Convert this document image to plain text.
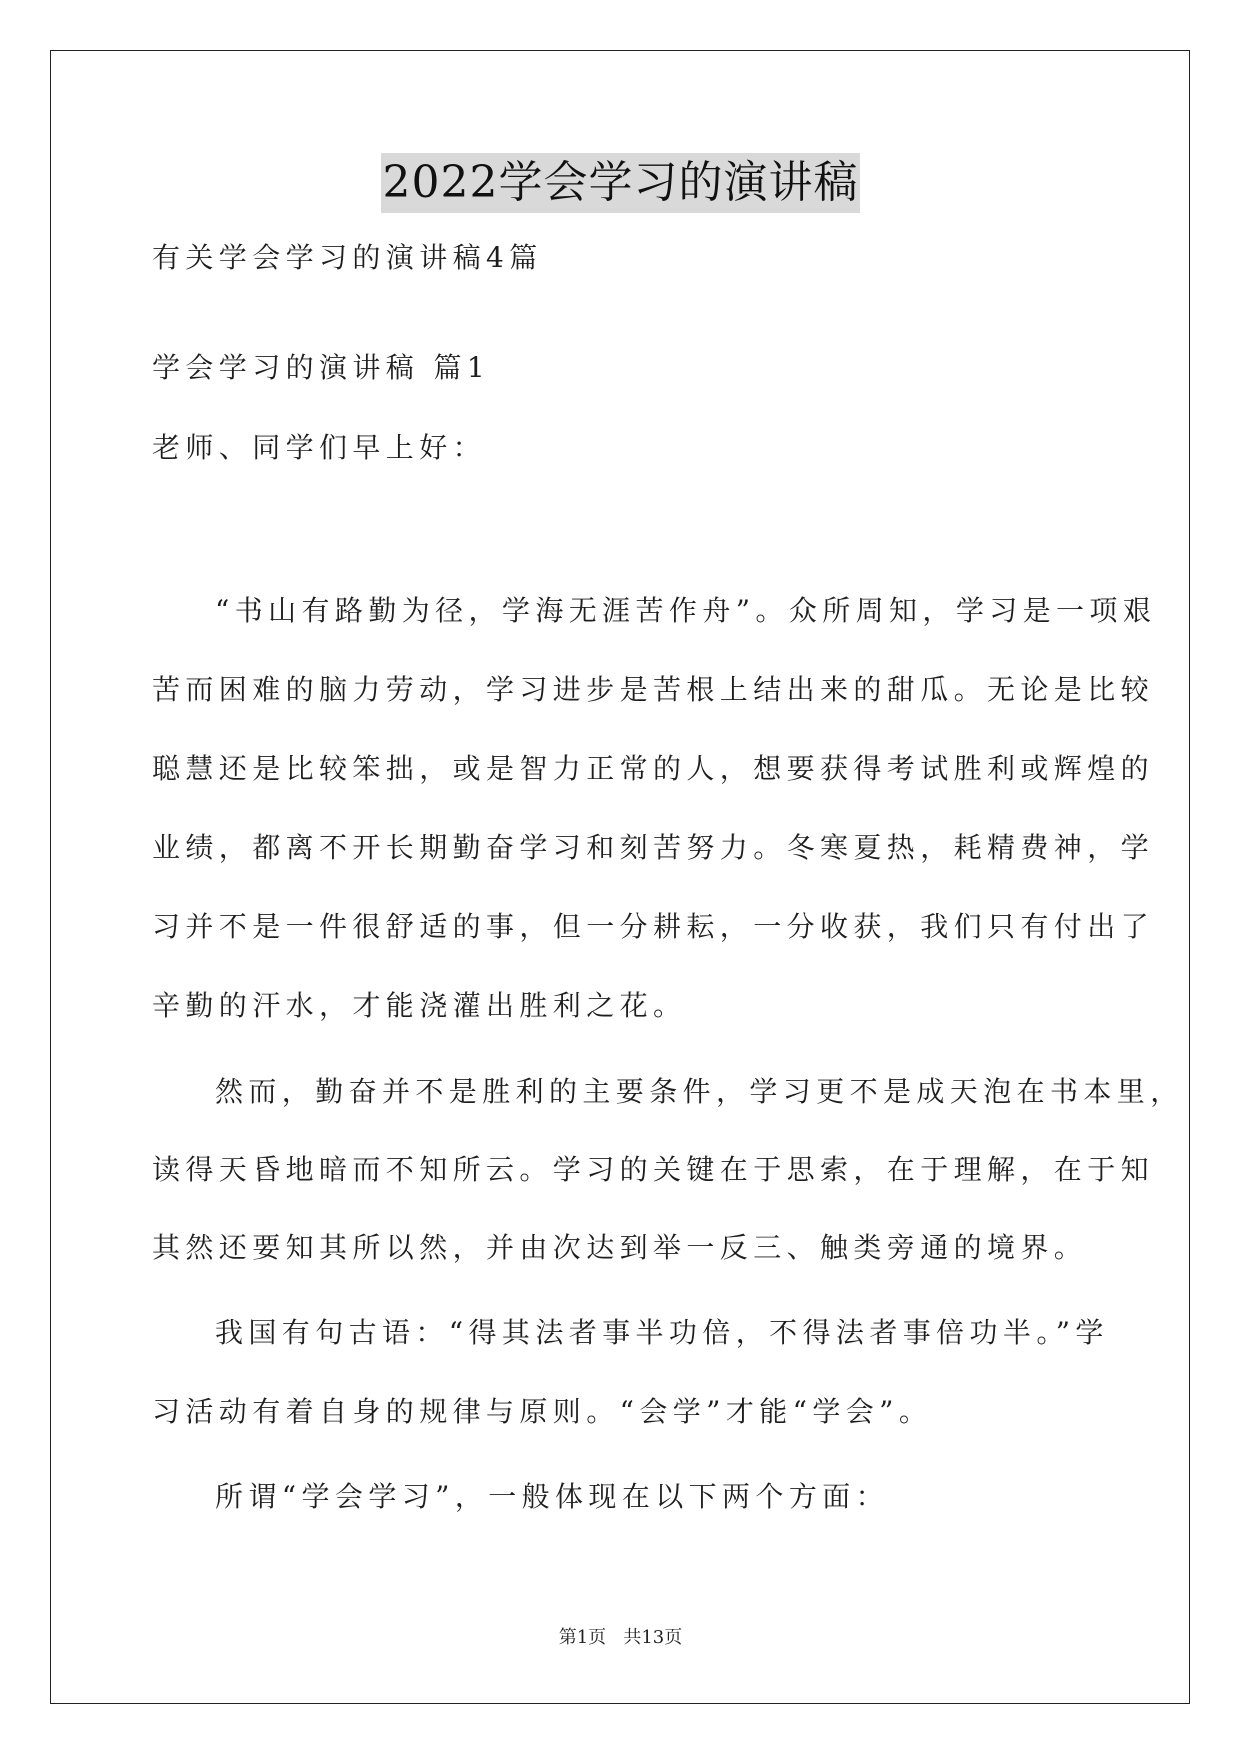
2022学会学习的演讲稿
有关学会学习的演讲稿4篇
学会学习的演讲稿 篇1
老师、同学们早上好：
“书山有路勤为径，学海无涯苦作舟”。众所周知，学习是一项艰
苦而困难的脑力劳动，学习进步是苦根上结出来的甜瓜。无论是比较
聪慧还是比较笨拙，或是智力正常的人，想要获得考试胜利或辉煌的
业绩，都离不开长期勤奋学习和刻苦努力。冬寒夏热，耗精费神，学
习并不是一件很舒适的事，但一分耕耘，一分收获，我们只有付出了
辛勤的汗水，才能浇灌出胜利之花。
然而，勤奋并不是胜利的主要条件，学习更不是成天泡在书本里，
读得天昏地暗而不知所云。学习的关键在于思索，在于理解，在于知
其然还要知其所以然，并由次达到举一反三、触类旁通的境界。
我国有句古语：“得其法者事半功倍，不得法者事倍功半。”学
习活动有着自身的规律与原则。“会学”才能“学会”。
所谓“学会学习”，一般体现在以下两个方面：
第1页   共13页
